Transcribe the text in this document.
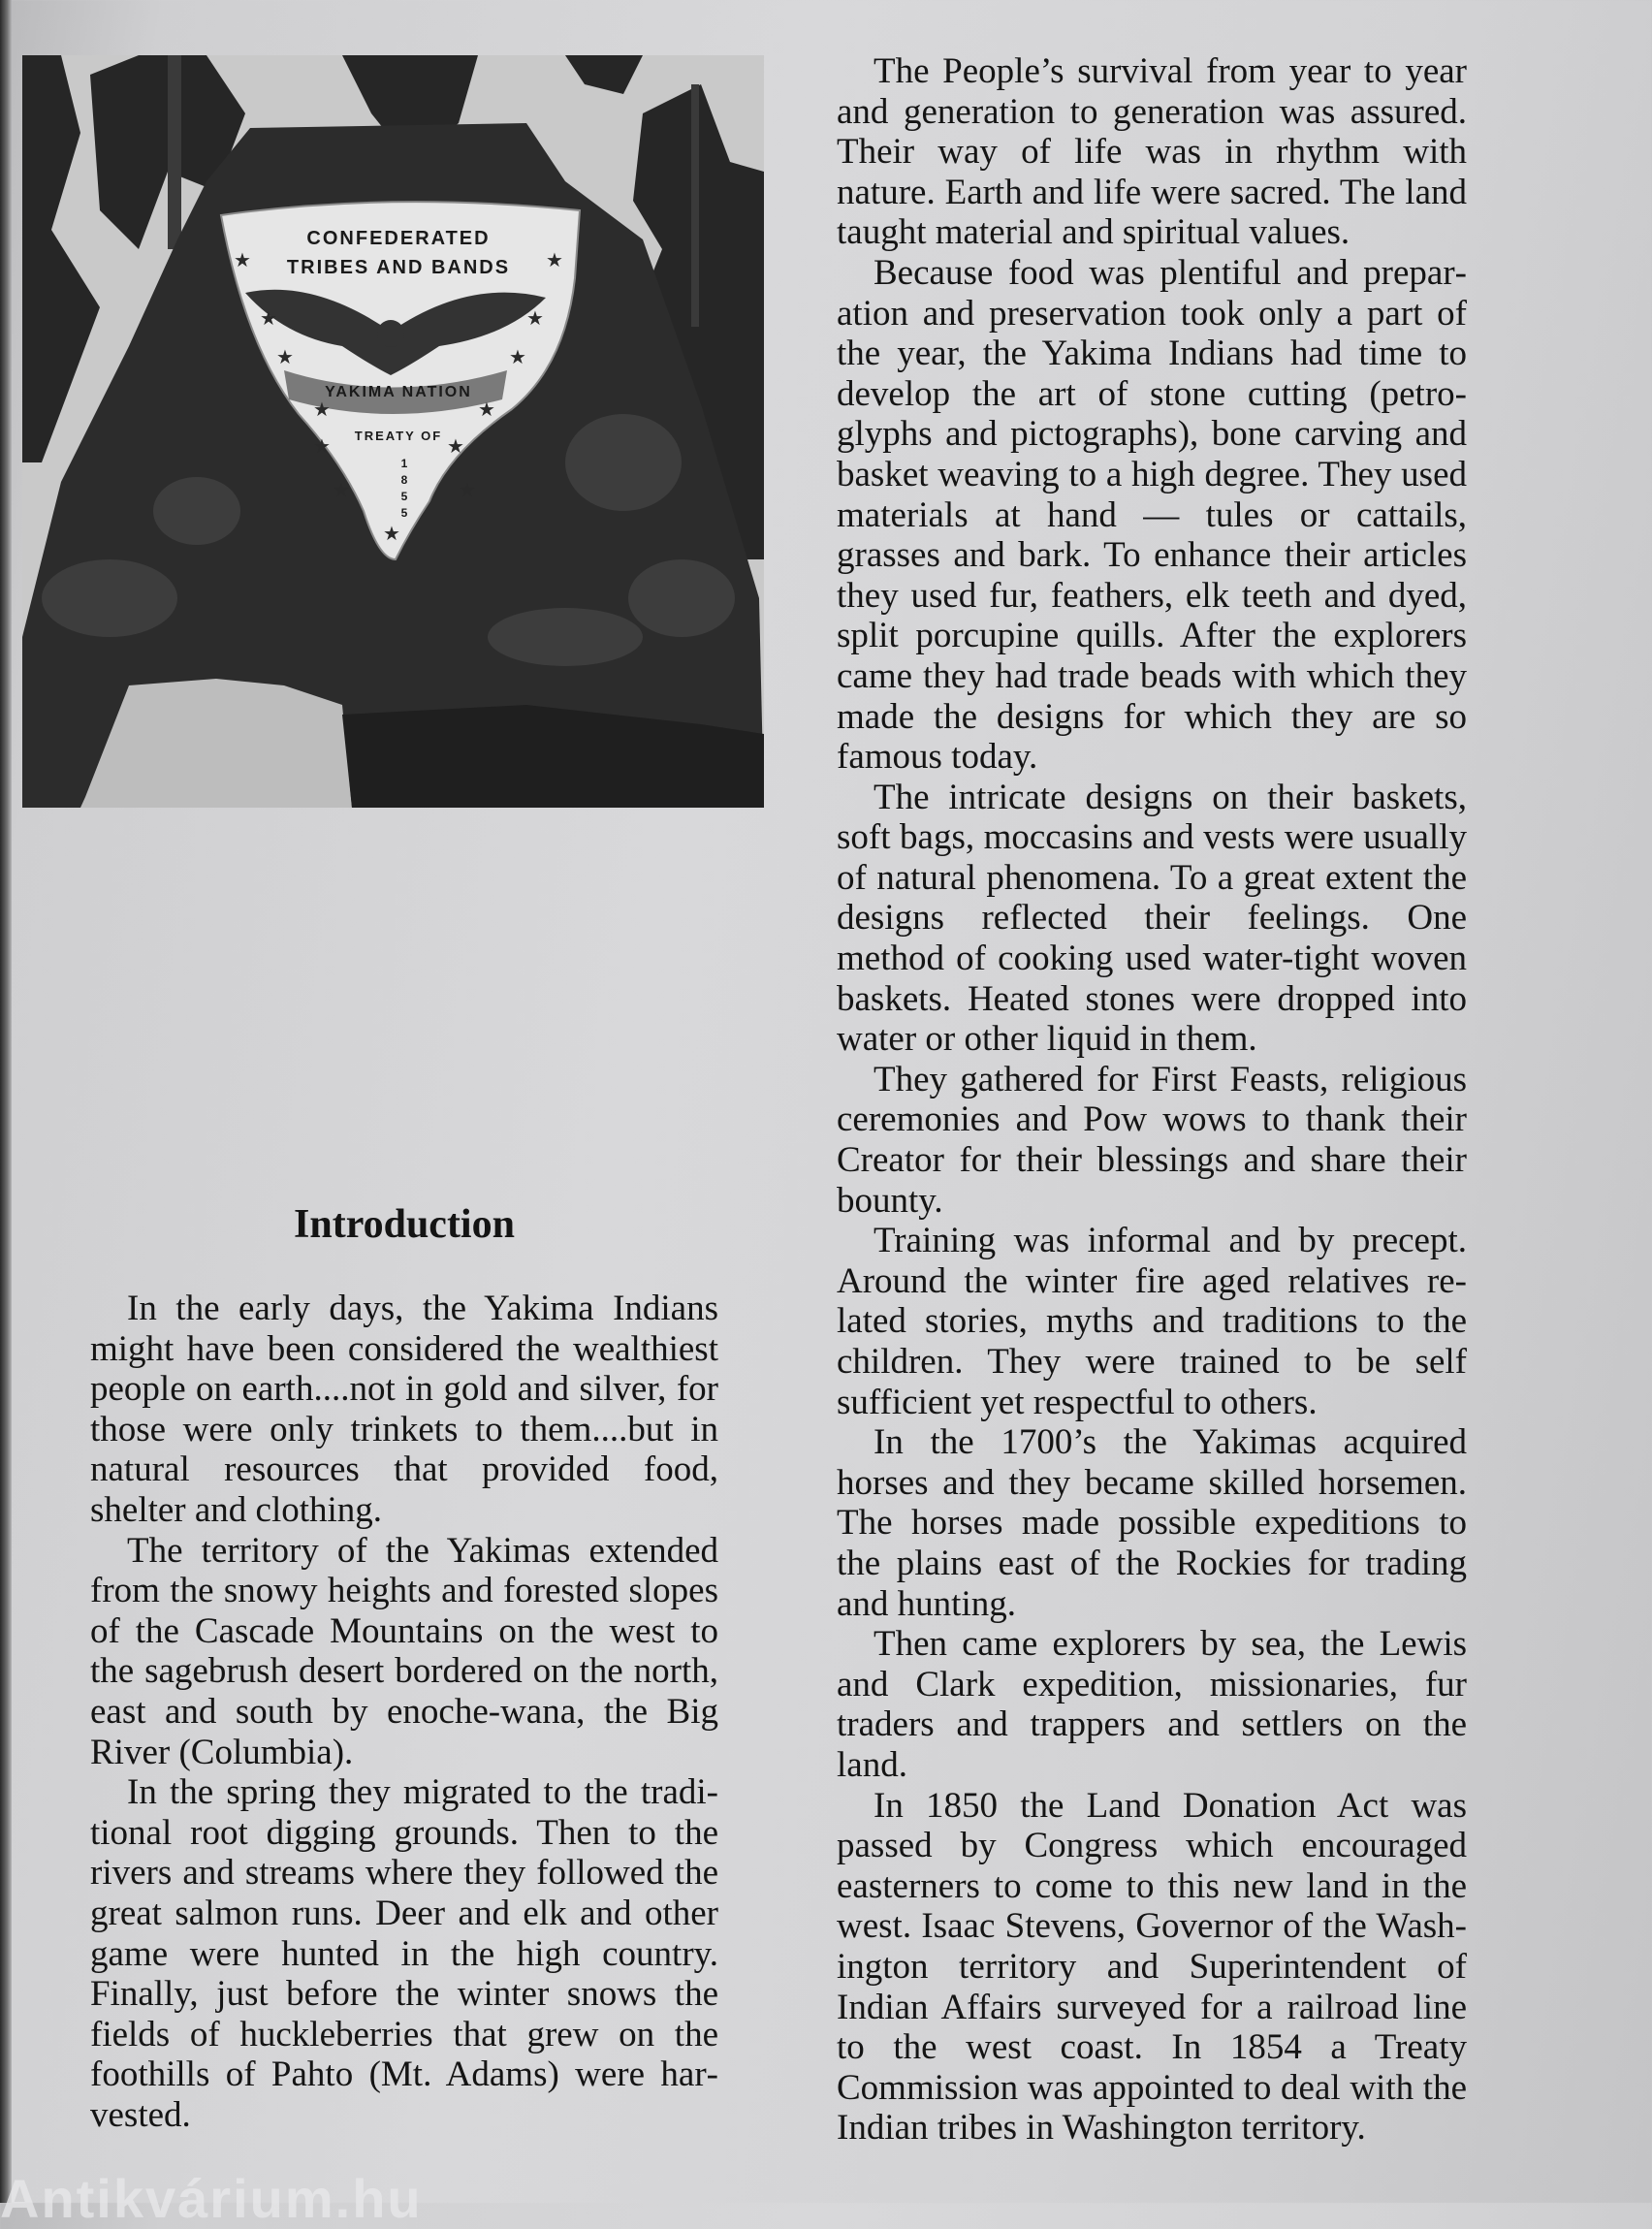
CONFEDERATED
TRIBES AND BANDS
YAKIMA NATION
TREATY OF
1
8
5
5
★	★
★	★
★	★
★	★
★	★
★
★	★
Introduction

In the early days, the Yakima Indians might have been considered the wealthiest people on earth....not in gold and silver, for those were only trinkets to them....but in natural resources that provided food, shelter and clothing.

The territory of the Yakimas extended from the snowy heights and forested slopes of the Cascade Mountains on the west to the sagebrush desert bordered on the north, east and south by enoche-wana, the Big River (Columbia).

In the spring they migrated to the traditional root digging grounds. Then to the rivers and streams where they followed the great salmon runs. Deer and elk and other game were hunted in the high country. Finally, just before the winter snows the fields of huckleberries that grew on the foothills of Pahto (Mt. Adams) were harvested.

The People’s survival from year to year and generation to generation was assured. Their way of life was in rhythm with nature. Earth and life were sacred. The land taught material and spiritual values.

Because food was plentiful and preparation and preservation took only a part of the year, the Yakima Indians had time to develop the art of stone cutting (petroglyphs and pictographs), bone carving and basket weaving to a high degree. They used materials at hand — tules or cattails, grasses and bark. To enhance their articles they used fur, feathers, elk teeth and dyed, split porcupine quills. After the explorers came they had trade beads with which they made the designs for which they are so famous today.

The intricate designs on their baskets, soft bags, moccasins and vests were usually of natural phenomena. To a great extent the designs reflected their feelings. One method of cooking used water-tight woven baskets. Heated stones were dropped into water or other liquid in them.

They gathered for First Feasts, religious ceremonies and Pow wows to thank their Creator for their blessings and share their bounty.

Training was informal and by precept. Around the winter fire aged relatives related stories, myths and traditions to the children. They were trained to be self sufficient yet respectful to others.

In the 1700’s the Yakimas acquired horses and they became skilled horsemen. The horses made possible expeditions to the plains east of the Rockies for trading and hunting.

Then came explorers by sea, the Lewis and Clark expedition, missionaries, fur traders and trappers and settlers on the land.

In 1850 the Land Donation Act was passed by Congress which encouraged easterners to come to this new land in the west. Isaac Stevens, Governor of the Washington territory and Superintendent of Indian Affairs surveyed for a railroad line to the west coast. In 1854 a Treaty Commission was appointed to deal with the Indian tribes in Washington territory.

Antikvárium.hu
